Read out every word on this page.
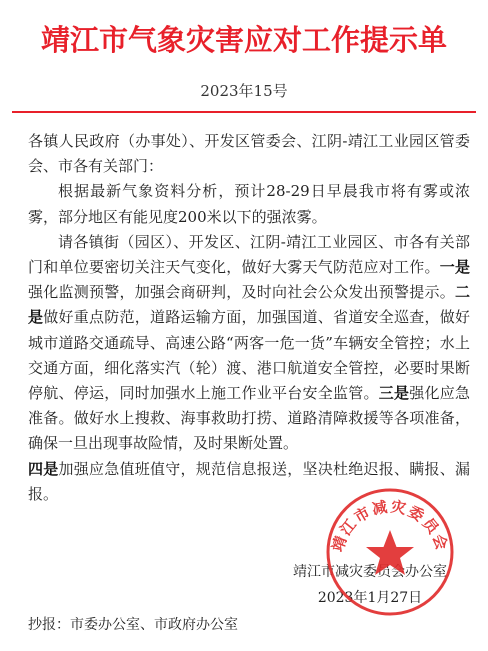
靖江市气象灾害应对工作提示单
2023年15号

各镇人民政府（办事处）、开发区管委会、江阴-靖江工业园区管委会、市各有关部门：

根据最新气象资料分析，预计28-29日早晨我市将有雾或浓雾，部分地区有能见度200米以下的强浓雾。

请各镇街（园区）、开发区、江阴-靖江工业园区、市各有关部门和单位要密切关注天气变化，做好大雾天气防范应对工作。一是强化监测预警，加强会商研判，及时向社会公众发出预警提示。二是做好重点防范，道路运输方面，加强国道、省道安全巡查，做好城市道路交通疏导、高速公路“两客一危一货”车辆安全管控；水上交通方面，细化落实汽（轮）渡、港口航道安全管控，必要时果断停航、停运，同时加强水上施工作业平台安全监管。三是强化应急准备。做好水上搜救、海事救助打捞、道路清障救援等各项准备，确保一旦出现事故险情，及时果断处置。

四是加强应急值班值守，规范信息报送，坚决杜绝迟报、瞒报、漏报。

靖江市减灾委员会办公室
2023年1月27日
靖江市减灾委员会
抄报：市委办公室、市政府办公室
